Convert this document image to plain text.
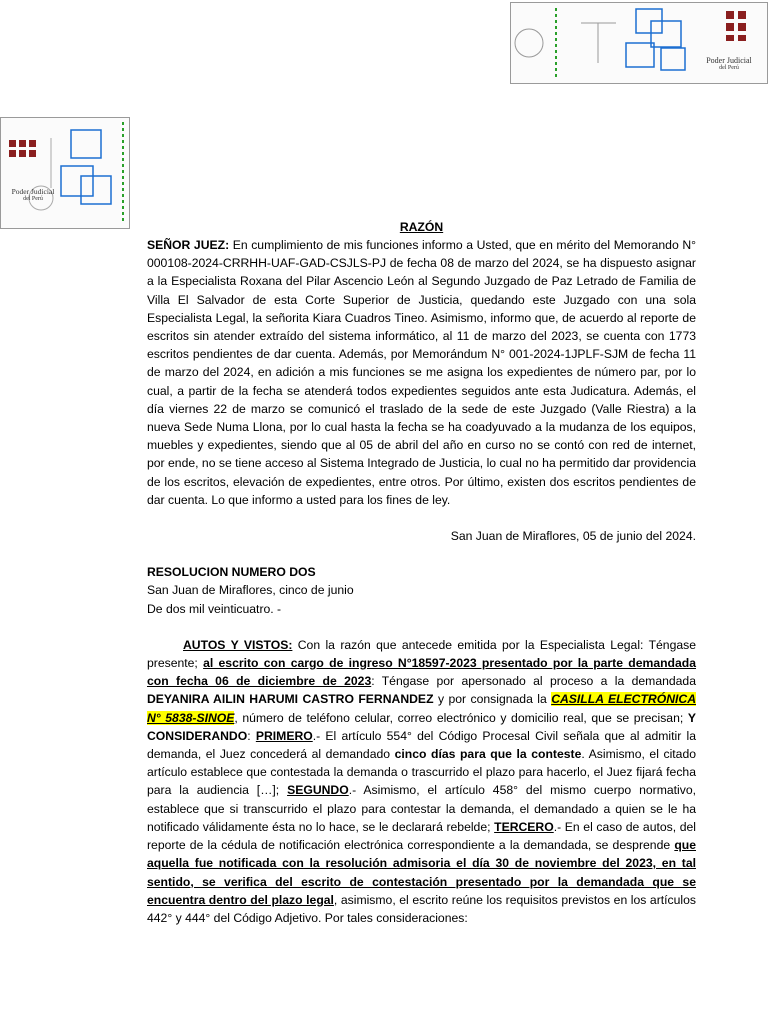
Poder Judicial
del Perú
Poder Judicial
del Perú

RAZÓN

SEÑOR JUEZ: En cumplimiento de mis funciones informo a Usted, que en mérito del Memorando N° 000108-2024-CRRHH-UAF-GAD-CSJLS-PJ de fecha 08 de marzo del 2024, se ha dispuesto asignar a la Especialista Roxana del Pilar Ascencio León al Segundo Juzgado de Paz Letrado de Familia de Villa El Salvador de esta Corte Superior de Justicia, quedando este Juzgado con una sola Especialista Legal, la señorita Kiara Cuadros Tineo. Asimismo, informo que, de acuerdo al reporte de escritos sin atender extraído del sistema informático, al 11 de marzo del 2023, se cuenta con 1773 escritos pendientes de dar cuenta. Además, por Memorándum N° 001-2024-1JPLF-SJM de fecha 11 de marzo del 2024, en adición a mis funciones se me asigna los expedientes de número par, por lo cual, a partir de la fecha se atenderá todos expedientes seguidos ante esta Judicatura. Además, el día viernes 22 de marzo se comunicó el traslado de la sede de este Juzgado (Valle Riestra) a la nueva Sede Numa Llona, por lo cual hasta la fecha se ha coadyuvado a la mudanza de los equipos, muebles y expedientes, siendo que al 05 de abril del año en curso no se contó con red de internet, por ende, no se tiene acceso al Sistema Integrado de Justicia, lo cual no ha permitido dar providencia de los escritos, elevación de expedientes, entre otros. Por último, existen dos escritos pendientes de dar cuenta. Lo que informo a usted para los fines de ley.

San Juan de Miraflores, 05 de junio del 2024.

RESOLUCION NUMERO DOS

San Juan de Miraflores, cinco de junio

De dos mil veinticuatro. -

AUTOS Y VISTOS: Con la razón que antecede emitida por la Especialista Legal: Téngase presente; al escrito con cargo de ingreso N°18597-2023 presentado por la parte demandada con fecha 06 de diciembre de 2023: Téngase por apersonado al proceso a la demandada DEYANIRA AILIN HARUMI CASTRO FERNANDEZ y por consignada la CASILLA ELECTRÓNICA N° 5838-SINOE, número de teléfono celular, correo electrónico y domicilio real, que se precisan; Y CONSIDERANDO: PRIMERO.- El artículo 554° del Código Procesal Civil señala que al admitir la demanda, el Juez concederá al demandado cinco días para que la conteste. Asimismo, el citado artículo establece que contestada la demanda o trascurrido el plazo para hacerlo, el Juez fijará fecha para la audiencia […]; SEGUNDO.- Asimismo, el artículo 458° del mismo cuerpo normativo, establece que si transcurrido el plazo para contestar la demanda, el demandado a quien se le ha notificado válidamente ésta no lo hace, se le declarará rebelde; TERCERO.- En el caso de autos, del reporte de la cédula de notificación electrónica correspondiente a la demandada, se desprende que aquella fue notificada con la resolución admisoria el día 30 de noviembre del 2023, en tal sentido, se verifica del escrito de contestación presentado por la demandada que se encuentra dentro del plazo legal, asimismo, el escrito reúne los requisitos previstos en los artículos 442° y 444° del Código Adjetivo. Por tales consideraciones:
